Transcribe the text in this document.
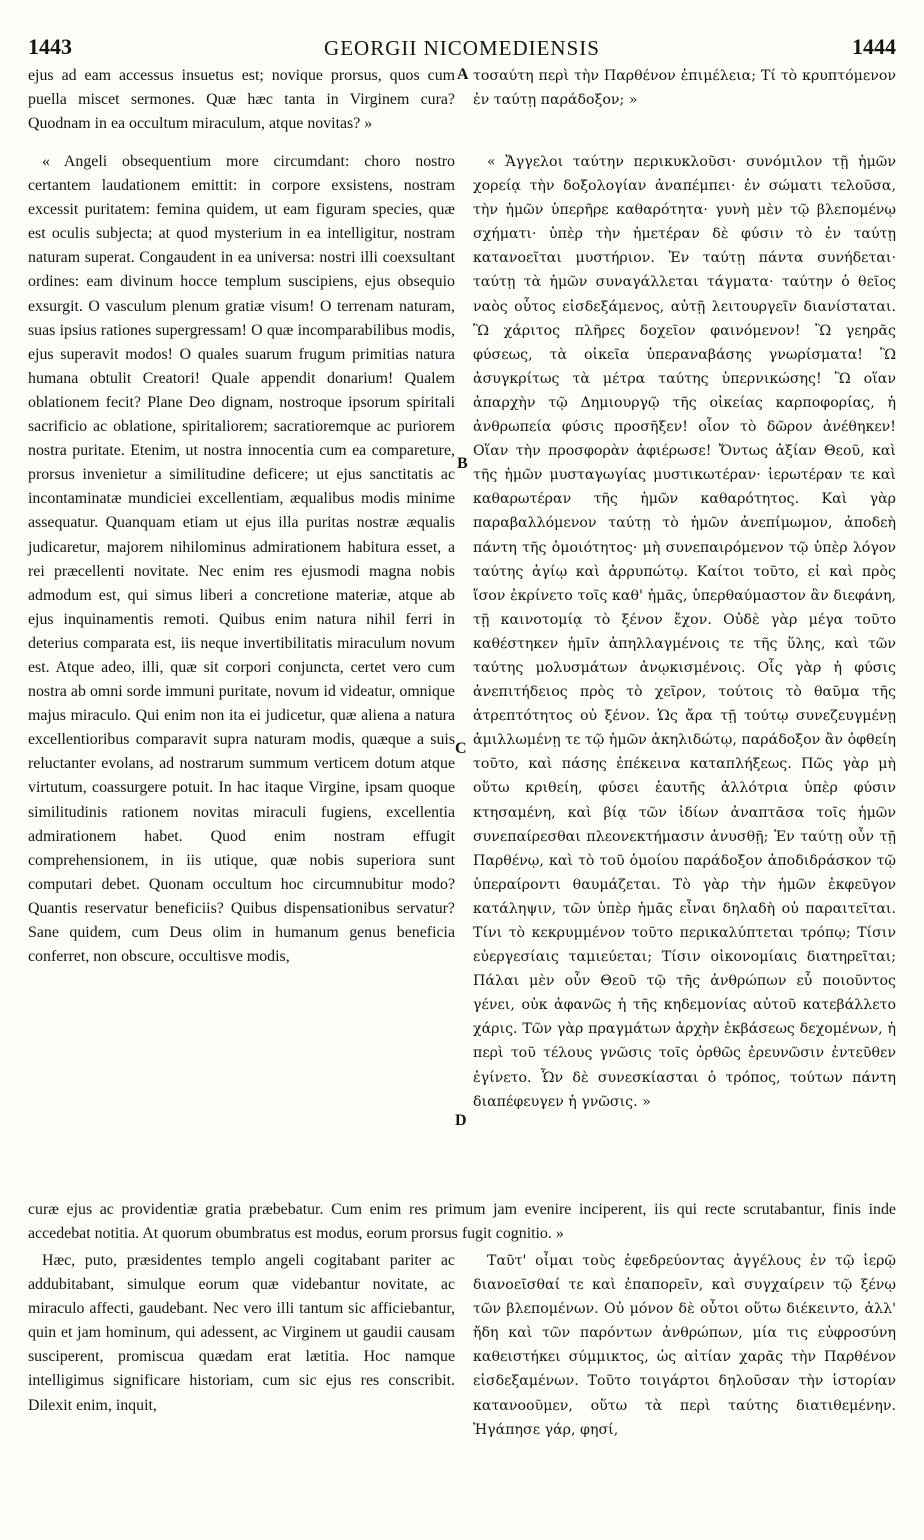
1443	GEORGII NICOMEDIENSIS	1444

ejus ad eam accessus insuetus est; novique prorsus, quos cum puella miscet sermones. Quæ hæc tanta in Virginem cura? Quodnam in ea occultum miraculum, atque novitas? »

A τοσαύτη περὶ τὴν Παρθένον ἐπιμέλεια; Τί τὸ κρυπτόμενον ἐν ταύτῃ παράδοξον; »

« Angeli obsequentium more circumdant: choro nostro certantem laudationem emittit: in corpore exsistens, nostram excessit puritatem: femina quidem, ut eam figuram species, quæ est oculis subjecta; at quod mysterium in ea intelligitur, nostram naturam superat. Congaudent in ea universa: nostri illi coexsultant ordines: eam divinum hocce templum suscipiens, ejus obsequio exsurgit. O vasculum plenum gratiæ visum! O terrenam naturam, suas ipsius rationes supergressam! O quæ incomparabilibus modis, ejus superavit modos! O quales suarum frugum primitias natura humana obtulit Creatori! Quale appendit donarium! Qualem oblationem fecit? Plane Deo dignam, nostroque ipsorum spiritali sacrificio ac oblatione, spiritaliorem; sacratioremque ac puriorem nostra puritate. Etenim, ut nostra innocentia cum ea compareture, prorsus invenietur a similitudine deficere; ut ejus sanctitatis ac incontaminatæ mundiciei excellentiam, æqualibus modis minime assequatur. Quanquam etiam ut ejus illa puritas nostræ æqualis judicaretur, majorem nihilominus admirationem habitura esset, a rei præcellenti novitate. Nec enim res ejusmodi magna nobis admodum est, qui simus liberi a concretione materiæ, atque ab ejus inquinamentis remoti. Quibus enim natura nihil ferri in deterius comparata est, iis neque invertibilitatis miraculum novum est. Atque adeo, illi, quæ sit corpori conjuncta, certet vero cum nostra ab omni sorde immuni puritate, novum id videatur, omnique majus miraculo. Qui enim non ita ei judicetur, quæ aliena a natura excellentioribus comparavit supra naturam modis, quæque a suis reluctanter evolans, ad nostrarum summum verticem dotum atque virtutum, coassurgere potuit. In hac itaque Virgine, ipsam quoque similitudinis rationem novitas miraculi fugiens, excellentia admirationem habet. Quod enim nostram effugit comprehensionem, in iis utique, quæ nobis superiora sunt computari debet. Quonam occultum hoc circumnubitur modo? Quantis reservatur beneficiis? Quibus dispensationibus servatur? Sane quidem, cum Deus olim in humanum genus beneficia conferret, non obscure, occultisve modis,

B
C
D

« Ἄγγελοι ταύτην περικυκλοῦσι· συνόμιλον τῇ ἡμῶν χορείᾳ τὴν δοξολογίαν ἀναπέμπει· ἐν σώματι τελοῦσα, τὴν ἡμῶν ὑπερῆρε καθαρότητα· γυνὴ μὲν τῷ βλεπομένῳ σχήματι· ὑπὲρ τὴν ἡμετέραν δὲ φύσιν τὸ ἐν ταύτῃ κατανοεῖται μυστήριον. Ἐν ταύτῃ πάντα συνήδεται· ταύτῃ τὰ ἡμῶν συναγάλλεται τάγματα· ταύτην ὁ θεῖος ναὸς οὗτος εἰσδεξάμενος, αὐτῇ λειτουργεῖν διανίσταται. Ὢ χάριτος πλῆρες δοχεῖον φαινόμενον! Ὢ γεηρᾶς φύσεως, τὰ οἰκεῖα ὑπεραναβάσης γνωρίσματα! Ὢ ἀσυγκρίτως τὰ μέτρα ταύτης ὑπερνικώσης! Ὢ οἵαν ἀπαρχὴν τῷ Δημιουργῷ τῆς οἰκείας καρποφορίας, ἡ ἀνθρωπεία φύσις προσῆξεν! οἷον τὸ δῶρον ἀνέθηκεν! Οἵαν τὴν προσφορὰν ἀφιέρωσε! Ὄντως ἀξίαν Θεοῦ, καὶ τῆς ἡμῶν μυσταγωγίας μυστικωτέραν· ἱερωτέραν τε καὶ καθαρωτέραν τῆς ἡμῶν καθαρότητος. Καὶ γὰρ παραβαλλόμενον ταύτῃ τὸ ἡμῶν ἀνεπίμωμον, ἀποδεὴ πάντη τῆς ὁμοιότητος· μὴ συνεπαιρόμενον τῷ ὑπὲρ λόγον ταύτης ἁγίῳ καὶ ἀρρυπώτῳ. Καίτοι τοῦτο, εἰ καὶ πρὸς ἴσον ἐκρίνετο τοῖς καθ' ἡμᾶς, ὑπερθαύμαστον ἂν διεφάνη, τῇ καινοτομίᾳ τὸ ξένον ἔχον. Οὐδὲ γὰρ μέγα τοῦτο καθέστηκεν ἡμῖν ἀπηλλαγμένοις τε τῆς ὕλης, καὶ τῶν ταύτης μολυσμάτων ἀνῳκισμένοις. Οἷς γὰρ ἡ φύσις ἀνεπιτήδειος πρὸς τὸ χεῖρον, τούτοις τὸ θαῦμα τῆς ἀτρεπτότητος οὐ ξένον. Ὡς ἄρα τῇ τούτῳ συνεζευγμένῃ ἁμιλλωμένῃ τε τῷ ἡμῶν ἀκηλιδώτῳ, παράδοξον ἂν ὀφθείη τοῦτο, καὶ πάσης ἐπέκεινα καταπλήξεως. Πῶς γὰρ μὴ οὕτω κριθείη, φύσει ἑαυτῆς ἀλλότρια ὑπὲρ φύσιν κτησαμένη, καὶ βίᾳ τῶν ἰδίων ἀναπτᾶσα τοῖς ἡμῶν συνεπαίρεσθαι πλεονεκτήμασιν ἀνυσθῇ; Ἐν ταύτῃ οὖν τῇ Παρθένῳ, καὶ τὸ τοῦ ὁμοίου παράδοξον ἀποδιδράσκον τῷ ὑπεραίροντι θαυμάζεται. Τὸ γὰρ τὴν ἡμῶν ἐκφεῦγον κατάληψιν, τῶν ὑπὲρ ἡμᾶς εἶναι δηλαδὴ οὐ παραιτεῖται. Τίνι τὸ κεκρυμμένον τοῦτο περικαλύπτεται τρόπῳ; Τίσιν εὐεργεσίαις ταμιεύεται; Τίσιν οἰκονομίαις διατηρεῖται; Πάλαι μὲν οὖν Θεοῦ τῷ τῆς ἀνθρώπων εὖ ποιοῦντος γένει, οὐκ ἀφανῶς ἡ τῆς κηδεμονίας αὐτοῦ κατεβάλλετο χάρις. Τῶν γὰρ πραγμάτων ἀρχὴν ἐκβάσεως δεχομένων, ἡ περὶ τοῦ τέλους γνῶσις τοῖς ὀρθῶς ἐρευνῶσιν ἐντεῦθεν ἐγίνετο. Ὧν δὲ συνεσκίασται ὁ τρόπος, τούτων πάντη διαπέφευγεν ἡ γνῶσις. »

curæ ejus ac providentiæ gratia præbebatur. Cum enim res primum jam evenire inciperent, iis qui recte scrutabantur, finis inde accedebat notitia. At quorum obumbratus est modus, eorum prorsus fugit cognitio. »

Hæc, puto, præsidentes templo angeli cogitabant pariter ac addubitabant, simulque eorum quæ videbantur novitate, ac miraculo affecti, gaudebant. Nec vero illi tantum sic afficiebantur, quin et jam hominum, qui adessent, ac Virginem ut gaudii causam susciperent, promiscua quædam erat lætitia. Hoc namque intelligimus significare historiam, cum sic ejus res conscribit. Dilexit enim, inquit,

Ταῦτ' οἶμαι τοὺς ἐφεδρεύοντας ἀγγέλους ἐν τῷ ἱερῷ διανοεῖσθαί τε καὶ ἐπαπορεῖν, καὶ συγχαίρειν τῷ ξένῳ τῶν βλεπομένων. Οὐ μόνον δὲ οὗτοι οὕτω διέκειντο, ἀλλ' ἤδη καὶ τῶν παρόντων ἀνθρώπων, μία τις εὐφροσύνη καθειστήκει σύμμικτος, ὡς αἰτίαν χαρᾶς τὴν Παρθένον εἰσδεξαμένων. Τοῦτο τοιγάρτοι δηλοῦσαν τὴν ἱστορίαν κατανοοῦμεν, οὕτω τὰ περὶ ταύτης διατιθεμένην. Ἠγάπησε γάρ, φησί,
